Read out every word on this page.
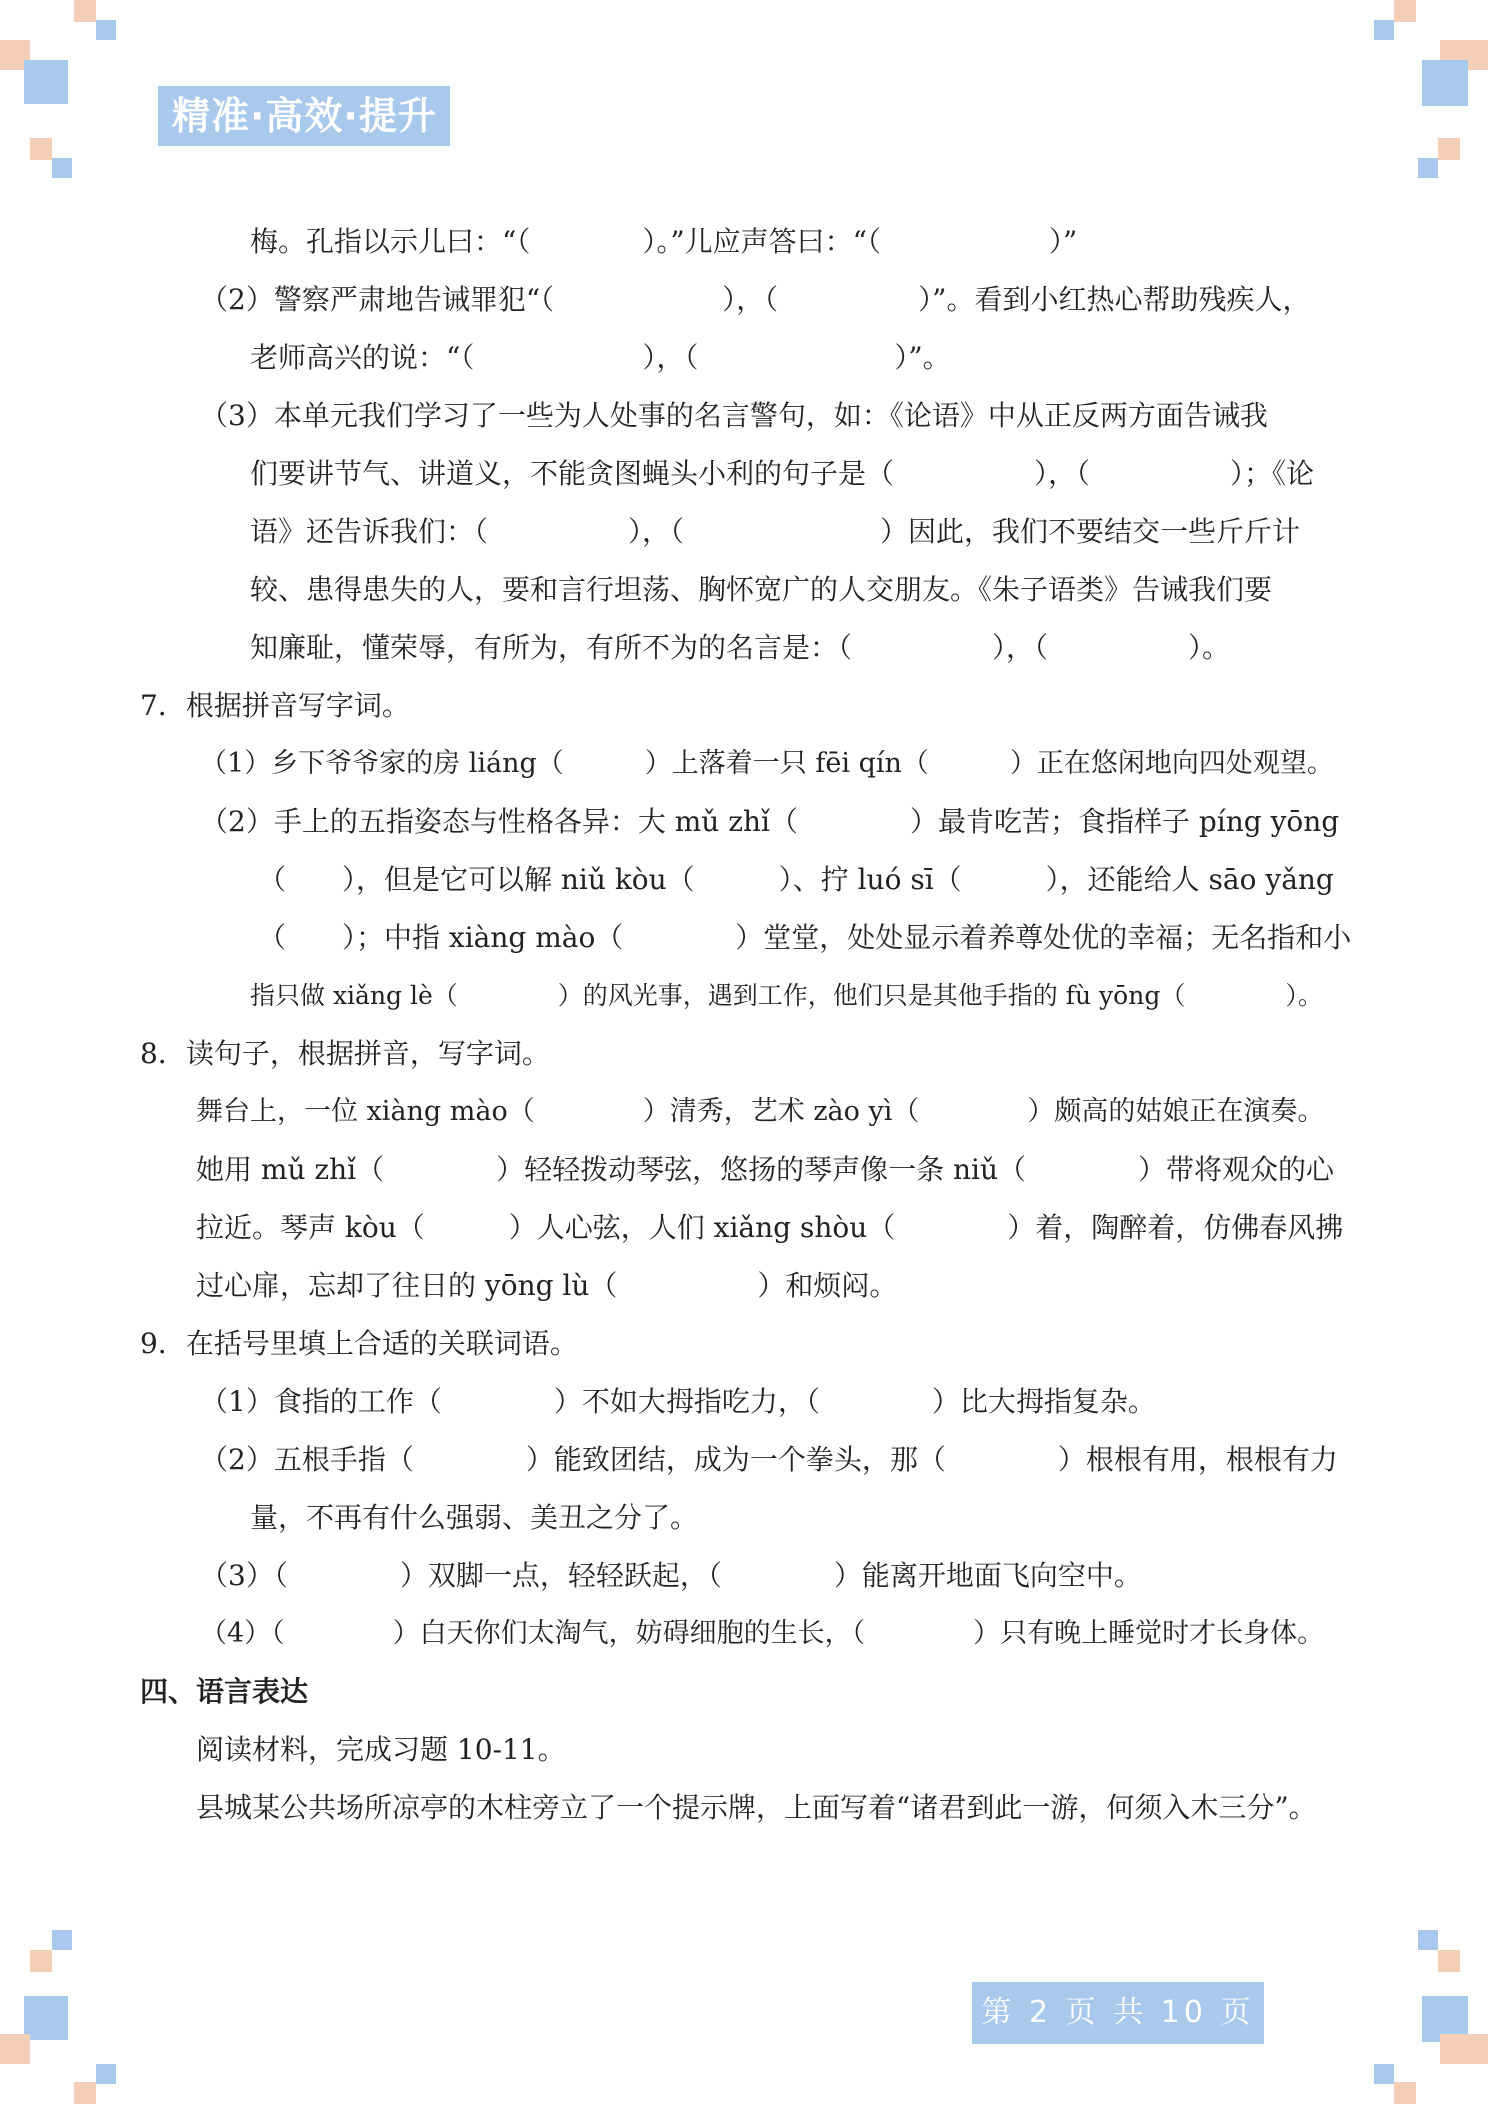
精准·高效·提升
梅。孔指以示儿曰：“（　　　　）。”儿应声答曰：“（　　　　　　）”
（2）警察严肃地告诫罪犯“（　　　　　　），（　　　　　）”。看到小红热心帮助残疾人，
老师高兴的说：“（　　　　　　），（　　　　　　　）”。
（3）本单元我们学习了一些为人处事的名言警句，如：《论语》中从正反两方面告诫我
们要讲节气、讲道义，不能贪图蝇头小利的句子是（　　　　　），（　　　　　）；《论
语》还告诉我们：（　　　　　），（　　　　　　　）因此，我们不要结交一些斤斤计
较、患得患失的人，要和言行坦荡、胸怀宽广的人交朋友。《朱子语类》告诫我们要
知廉耻，懂荣辱，有所为，有所不为的名言是：（　　　　　），（　　　　　）。
7．根据拼音写字词。
（1）乡下爷爷家的房 liáng（　　　）上落着一只 fēi qín（　　　）正在悠闲地向四处观望。
（2）手上的五指姿态与性格各异：大 mǔ zhǐ（　　　　）最肯吃苦；食指样子 píng yōng
（　　），但是它可以解 niǔ kòu（　　　）、拧 luó sī（　　　），还能给人 sāo yǎng
（　　）；中指 xiàng mào（　　　　）堂堂，处处显示着养尊处优的幸福；无名指和小
指只做 xiǎng lè（　　　　）的风光事，遇到工作，他们只是其他手指的 fù yōng（　　　　）。
8．读句子，根据拼音，写字词。
舞台上，一位 xiàng mào（　　　　）清秀，艺术 zào yì（　　　　）颇高的姑娘正在演奏。
她用 mǔ zhǐ（　　　　）轻轻拨动琴弦，悠扬的琴声像一条 niǔ（　　　　）带将观众的心
拉近。琴声 kòu（　　　）人心弦，人们 xiǎng shòu（　　　　）着，陶醉着，仿佛春风拂
过心扉，忘却了往日的 yōng lù（　　　　　）和烦闷。
9．在括号里填上合适的关联词语。
（1）食指的工作（　　　　）不如大拇指吃力，（　　　　）比大拇指复杂。
（2）五根手指（　　　　）能致团结，成为一个拳头，那（　　　　）根根有用，根根有力
量，不再有什么强弱、美丑之分了。
（3）（　　　　）双脚一点，轻轻跃起，（　　　　）能离开地面飞向空中。
（4）（　　　　）白天你们太淘气，妨碍细胞的生长，（　　　　）只有晚上睡觉时才长身体。
四、语言表达
阅读材料，完成习题 10-11。
县城某公共场所凉亭的木柱旁立了一个提示牌，上面写着“诸君到此一游，何须入木三分”。
第 2 页 共 10 页
